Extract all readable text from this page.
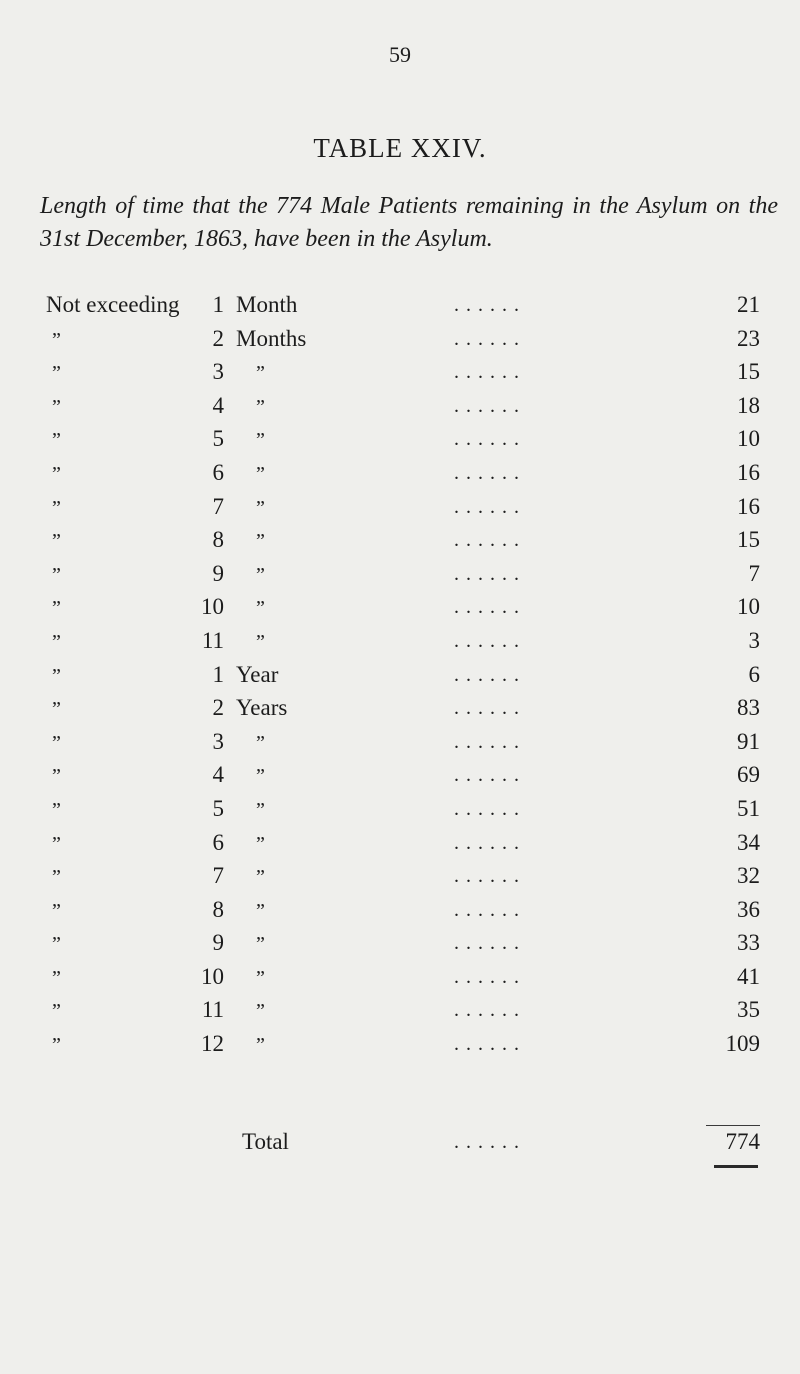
59
TABLE XXIV.
Length of time that the 774 Male Patients remaining in the Asylum on the 31st December, 1863, have been in the Asylum.
Not exceeding	1 Month	. . . . . .	21
”	2 Months	. . . . . .	23
”	3 ”	. . . . . .	15
”	4 ”	. . . . . .	18
”	5 ”	. . . . . .	10
”	6 ”	. . . . . .	16
”	7 ”	. . . . . .	16
”	8 ”	. . . . . .	15
”	9 ”	. . . . . .	7
”	10 ”	. . . . . .	10
”	11 ”	. . . . . .	3
”	1 Year	. . . . . .	6
”	2 Years	. . . . . .	83
”	3 ”	. . . . . .	91
”	4 ”	. . . . . .	69
”	5 ”	. . . . . .	51
”	6 ”	. . . . . .	34
”	7 ”	. . . . . .	32
”	8 ”	. . . . . .	36
”	9 ”	. . . . . .	33
”	10 ”	. . . . . .	41
”	11 ”	. . . . . .	35
”	12 ”	. . . . . .	109
Total	. . . . . .	774
